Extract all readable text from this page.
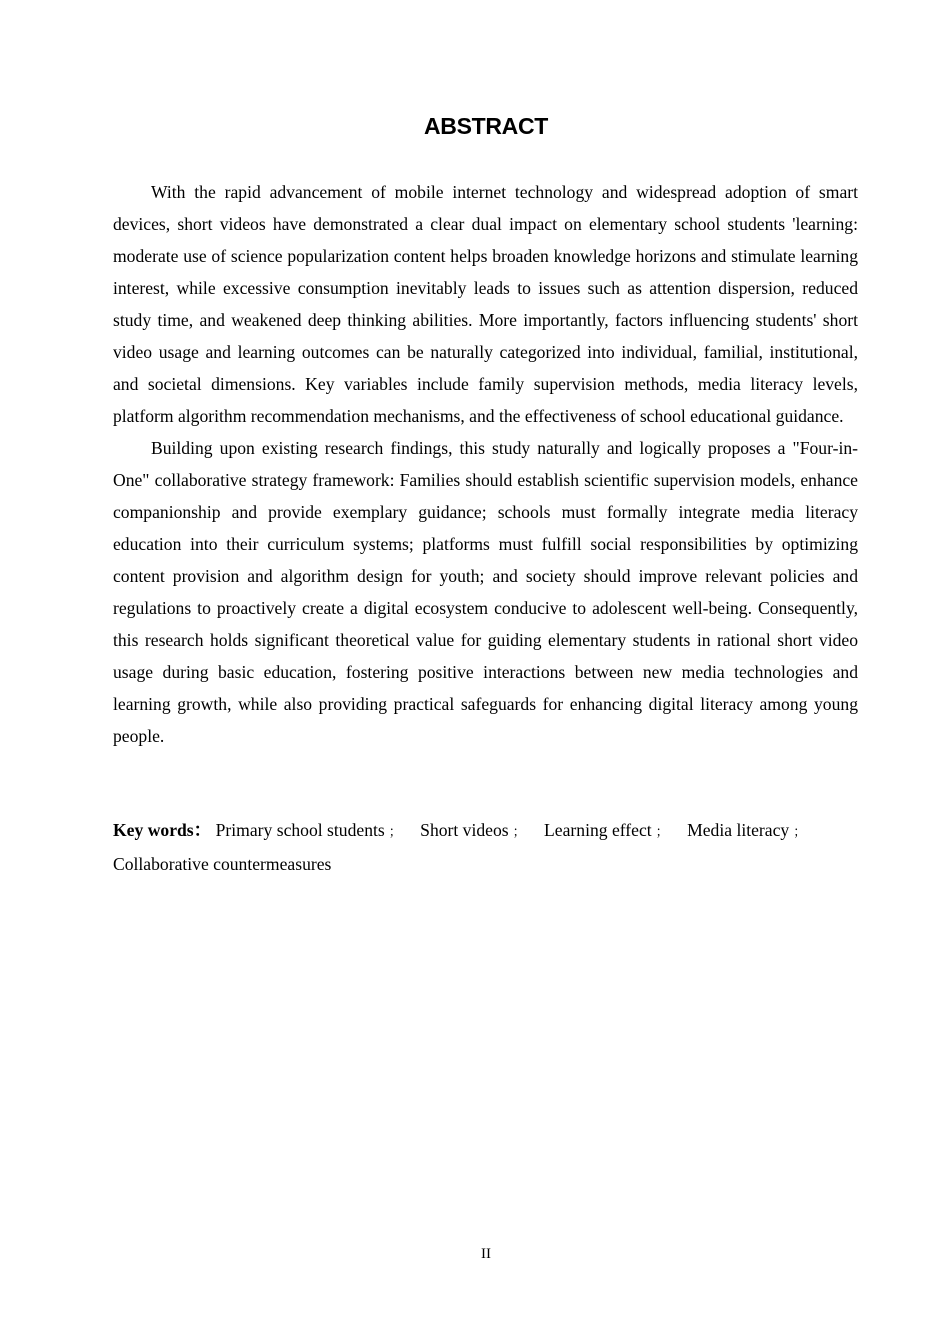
ABSTRACT

With the rapid advancement of mobile internet technology and widespread adoption of smart devices, short videos have demonstrated a clear dual impact on elementary school students 'learning: moderate use of science popularization content helps broaden knowledge horizons and stimulate learning interest, while excessive consumption inevitably leads to issues such as attention dispersion, reduced study time, and weakened deep thinking abilities. More importantly, factors influencing students' short video usage and learning outcomes can be naturally categorized into individual, familial, institutional, and societal dimensions. Key variables include family supervision methods, media literacy levels, platform algorithm recommendation mechanisms, and the effectiveness of school educational guidance.

Building upon existing research findings, this study naturally and logically proposes a "Four-in-One" collaborative strategy framework: Families should establish scientific supervision models, enhance companionship and provide exemplary guidance; schools must formally integrate media literacy education into their curriculum systems; platforms must fulfill social responsibilities by optimizing content provision and algorithm design for youth; and society should improve relevant policies and regulations to proactively create a digital ecosystem conducive to adolescent well-being. Consequently, this research holds significant theoretical value for guiding elementary students in rational short video usage during basic education, fostering positive interactions between new media technologies and learning growth, while also providing practical safeguards for enhancing digital literacy among young people.

Key words： Primary school students ； Short videos ； Learning effect ； Media literacy ； Collaborative countermeasures
II
